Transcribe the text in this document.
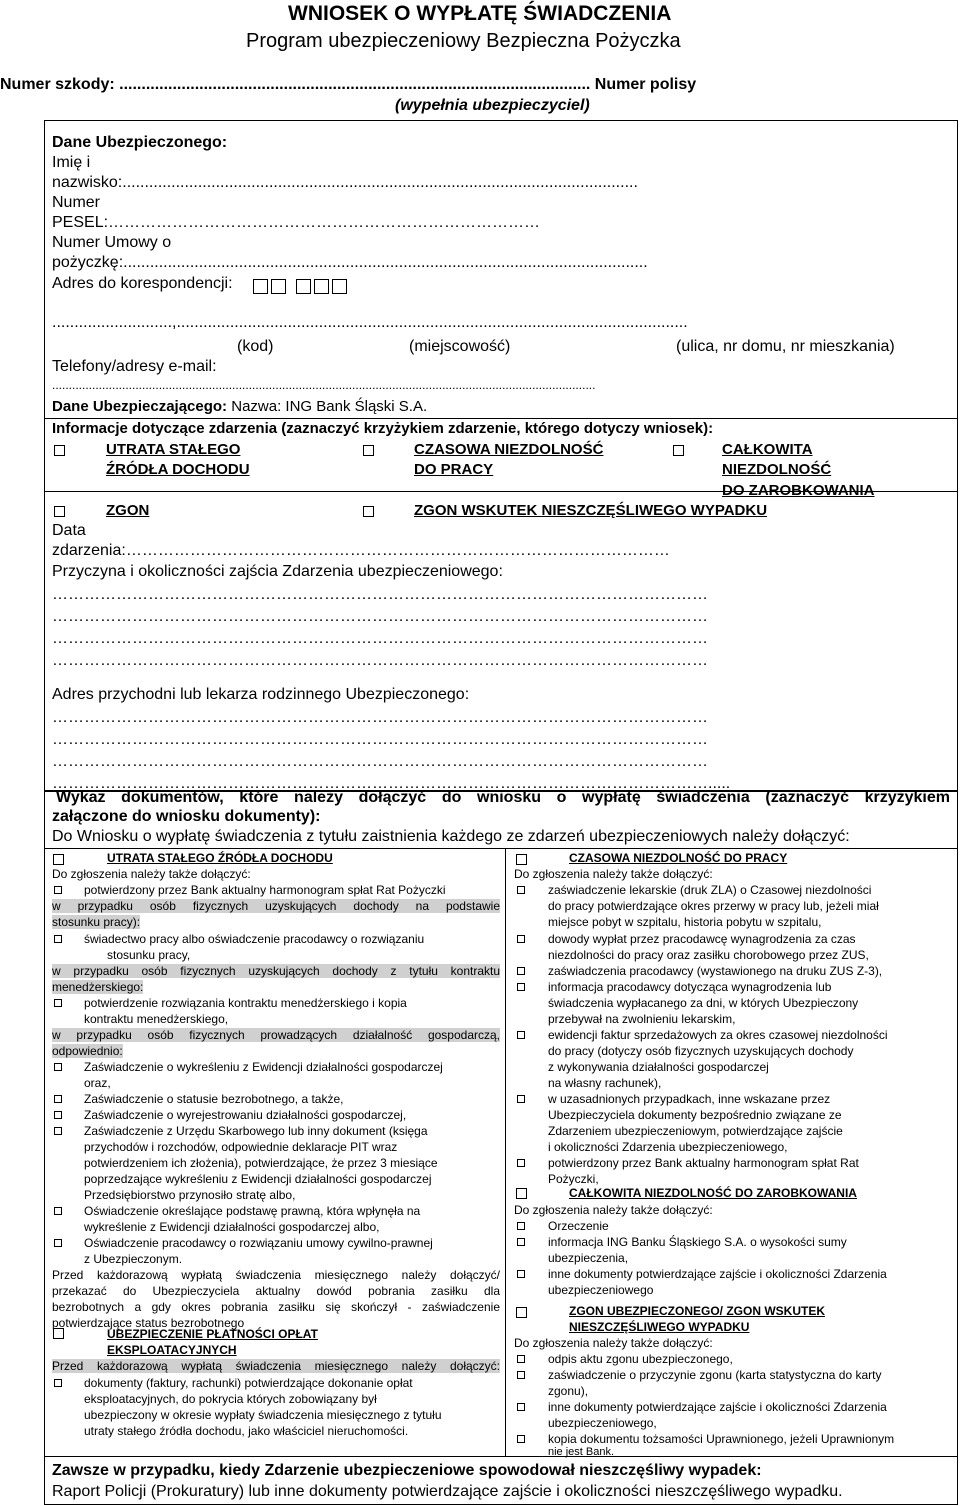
WNIOSEK O WYPŁATĘ ŚWIADCZENIA
Program ubezpieczeniowy Bezpieczna Pożyczka
Numer szkody: .......................................................................................................... Numer polisy
(wypełnia ubezpieczyciel)
Dane Ubezpieczonego:
Imię i
nazwisko:....................................................................................................................
Numer
PESEL:………………………………………………………………………
Numer Umowy o
pożyczkę:......................................................................................................................
Adres do korespondencji:
...........................,...................................................................................................................
(kod)	(miejscowość)	(ulica, nr domu, nr mieszkania)
Telefony/adresy e-mail:
...................................................................................................................................................................
Dane Ubezpieczającego: Nazwa: ING Bank Śląski S.A.
Informacje dotyczące zdarzenia (zaznaczyć krzyżykiem zdarzenie, którego dotyczy wniosek):
UTRATA STAŁEGO
ŹRÓDŁA DOCHODU
CZASOWA NIEZDOLNOŚĆ
DO PRACY
CAŁKOWITA
NIEZDOLNOŚĆ
DO ZAROBKOWANIA
ZGON	ZGON WSKUTEK NIESZCZĘŚLIWEGO WYPADKU
Data
zdarzenia:…………………………………………………………………………………………
Przyczyna i okoliczności zajścia Zdarzenia ubezpieczeniowego:
……………………………………………………………………………………………………………
……………………………………………………………………………………………………………
……………………………………………………………………………………………………………
……………………………………………………………………………………………………………
Adres przychodni lub lekarza rodzinnego Ubezpieczonego:
……………………………………………………………………………………………………………
……………………………………………………………………………………………………………
……………………………………………………………………………………………………………
…………………………………………………………………………………………………………….....
Wykaz dokumentów, które należy dołączyć do wniosku o wypłatę świadczenia (zaznaczyć krzyżykiem
załączone do wniosku dokumenty):
Do Wniosku o wypłatę świadczenia z tytułu zaistnienia każdego ze zdarzeń ubezpieczeniowych należy dołączyć:
UTRATA STAŁEGO ŹRÓDŁA DOCHODU
Do zgłoszenia należy także dołączyć:
potwierdzony przez Bank aktualny harmonogram spłat Rat Pożyczki
w przypadku osób fizycznych uzyskujących dochody na podstawie
stosunku pracy):
świadectwo pracy albo oświadczenie pracodawcy o rozwiązaniu
stosunku pracy,
w przypadku osób fizycznych uzyskujących dochody z tytułu kontraktu
menedżerskiego:
potwierdzenie rozwiązania kontraktu menedżerskiego i kopia
kontraktu menedżerskiego,
w przypadku osób fizycznych prowadzących działalność gospodarczą,
odpowiednio:
Zaświadczenie o wykreśleniu z Ewidencji działalności gospodarczej
oraz,
Zaświadczenie o statusie bezrobotnego, a także,
Zaświadczenie o wyrejestrowaniu działalności gospodarczej,
Zaświadczenie z Urzędu Skarbowego lub inny dokument (księga
przychodów i rozchodów, odpowiednie deklaracje PIT wraz
potwierdzeniem ich złożenia), potwierdzające, że przez 3 miesiące
poprzedzające wykreśleniu z Ewidencji działalności gospodarczej
Przedsiębiorstwo przynosiło stratę albo,
Oświadczenie określające podstawę prawną, która wpłynęła na
wykreślenie z Ewidencji działalności gospodarczej albo,
Oświadczenie pracodawcy o rozwiązaniu umowy cywilno-prawnej
z Ubezpieczonym.
Przed każdorazową wypłatą świadczenia miesięcznego należy dołączyć/
przekazać do Ubezpieczyciela aktualny dowód pobrania zasiłku dla
bezrobotnych a gdy okres pobrania zasiłku się skończył - zaświadczenie
potwierdzające status bezrobotnego
UBEZPIECZENIE PŁATNOŚCI OPŁAT
EKSPLOATACYJNYCH
Przed każdorazową wypłatą świadczenia miesięcznego należy dołączyć:
dokumenty (faktury, rachunki) potwierdzające dokonanie opłat
eksploatacyjnych, do pokrycia których zobowiązany był
ubezpieczony w okresie wypłaty świadczenia miesięcznego z tytułu
utraty stałego źródła dochodu, jako właściciel nieruchomości.
CZASOWA NIEZDOLNOŚĆ DO PRACY
Do zgłoszenia należy także dołączyć:
zaświadczenie lekarskie (druk ZLA) o Czasowej niezdolności
do pracy potwierdzające okres przerwy w pracy lub, jeżeli miał
miejsce pobyt w szpitalu, historia pobytu w szpitalu,
dowody wypłat przez pracodawcę wynagrodzenia za czas
niezdolności do pracy oraz zasiłku chorobowego przez ZUS,
zaświadczenia pracodawcy (wystawionego na druku ZUS Z-3),
informacja pracodawcy dotycząca wynagrodzenia lub
świadczenia wypłacanego za dni, w których Ubezpieczony
przebywał na zwolnieniu lekarskim,
ewidencji faktur sprzedażowych za okres czasowej niezdolności
do pracy (dotyczy osób fizycznych uzyskujących dochody
z wykonywania działalności gospodarczej
na własny rachunek),
w uzasadnionych przypadkach, inne wskazane przez
Ubezpieczyciela dokumenty bezpośrednio związane ze
Zdarzeniem ubezpieczeniowym, potwierdzające zajście
i okoliczności Zdarzenia ubezpieczeniowego,
potwierdzony przez Bank aktualny harmonogram spłat Rat
Pożyczki,
CAŁKOWITA NIEZDOLNOŚĆ DO ZAROBKOWANIA
Do zgłoszenia należy także dołączyć:
Orzeczenie
informacja ING Banku Śląskiego S.A. o wysokości sumy
ubezpieczenia,
inne dokumenty potwierdzające zajście i okoliczności Zdarzenia
ubezpieczeniowego
ZGON UBEZPIECZONEGO/ ZGON WSKUTEK
NIESZCZĘŚLIWEGO WYPADKU
Do zgłoszenia należy także dołączyć:
odpis aktu zgonu ubezpieczonego,
zaświadczenie o przyczynie zgonu (karta statystyczna do karty
zgonu),
inne dokumenty potwierdzające zajście i okoliczności Zdarzenia
ubezpieczeniowego,
kopia dokumentu tożsamości Uprawnionego, jeżeli Uprawnionym
nie jest Bank.
Zawsze w przypadku, kiedy Zdarzenie ubezpieczeniowe spowodował nieszczęśliwy wypadek:
Raport Policji (Prokuratury) lub inne dokumenty potwierdzające zajście i okoliczności nieszczęśliwego wypadku.
